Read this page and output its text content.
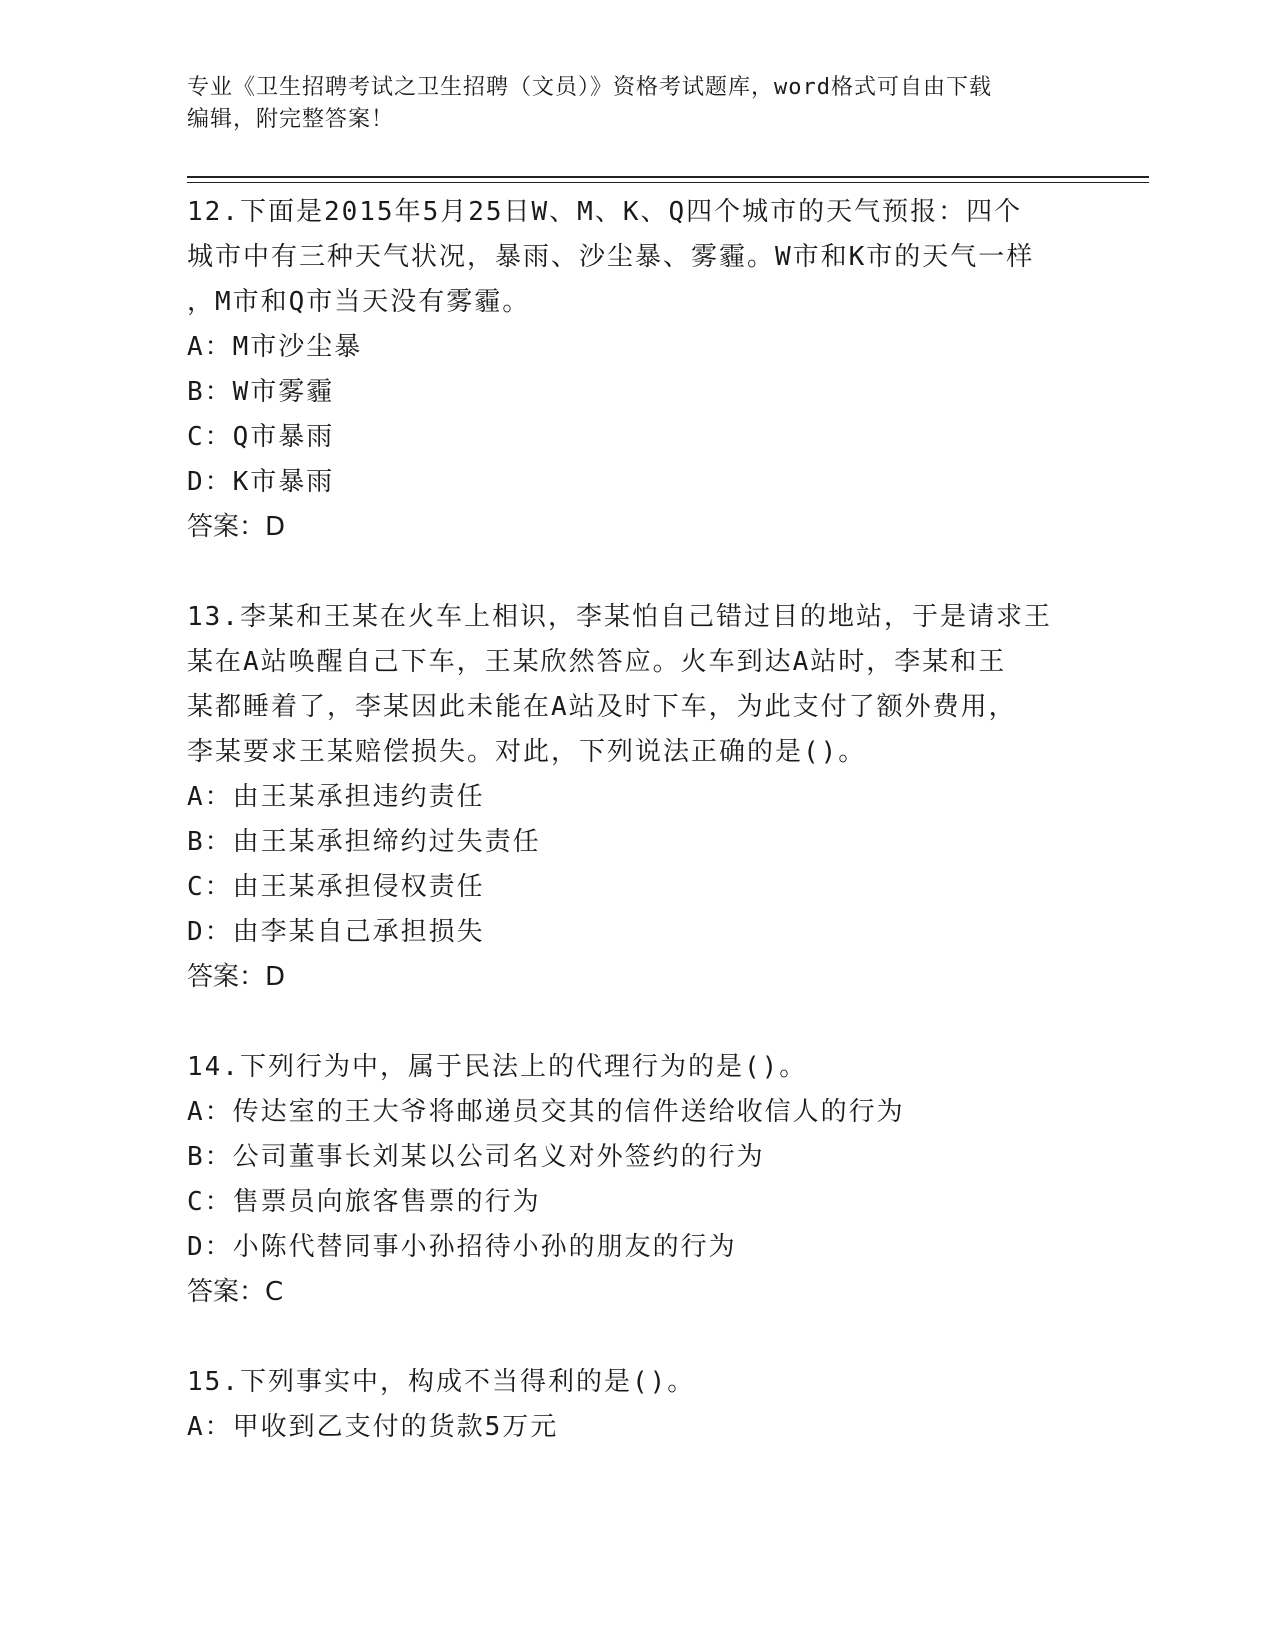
专业《卫生招聘考试之卫生招聘（文员）》资格考试题库，word格式可自由下载
编辑，附完整答案！

12.下面是2015年5月25日W、M、K、Q四个城市的天气预报：四个

城市中有三种天气状况，暴雨、沙尘暴、雾霾。W市和K市的天气一样

，M市和Q市当天没有雾霾。

A：M市沙尘暴

B：W市雾霾

C：Q市暴雨

D：K市暴雨

答案：D

13.李某和王某在火车上相识，李某怕自己错过目的地站，于是请求王

某在A站唤醒自己下车，王某欣然答应。火车到达A站时，李某和王

某都睡着了，李某因此未能在A站及时下车，为此支付了额外费用，

李某要求王某赔偿损失。对此，下列说法正确的是()。

A：由王某承担违约责任

B：由王某承担缔约过失责任

C：由王某承担侵权责任

D：由李某自己承担损失

答案：D

14.下列行为中，属于民法上的代理行为的是()。

A：传达室的王大爷将邮递员交其的信件送给收信人的行为

B：公司董事长刘某以公司名义对外签约的行为

C：售票员向旅客售票的行为

D：小陈代替同事小孙招待小孙的朋友的行为

答案：C

15.下列事实中，构成不当得利的是()。

A：甲收到乙支付的货款5万元
